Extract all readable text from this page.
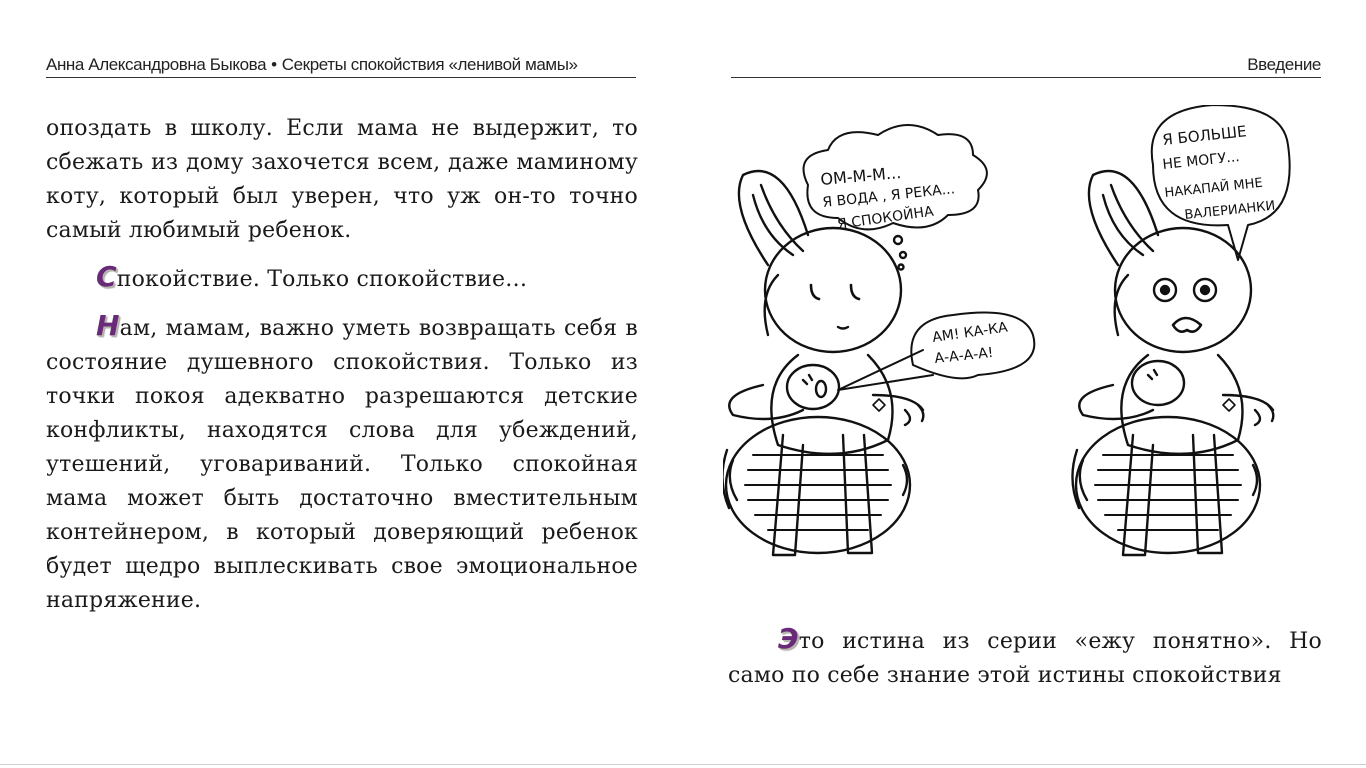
Анна Александровна Быкова • Секреты спокойствия «ленивой мамы»

опоздать в школу. Если мама не выдержит, то сбежать из дому захочется всем, даже маминому коту, который был уверен, что уж он-то точно самый любимый ребенок.

Спокойствие. Только спокойствие…

Нам, мамам, важно уметь возвращать себя в состояние душевного спокойствия. Только из точки покоя адекватно разрешаются детские конфликты, находятся слова для убеждений, утешений, уговариваний. Только спокойная мама может быть достаточно вместительным контейнером, в который доверяющий ребенок будет щедро выплескивать свое эмоциональное напряжение.

Введение
ОМ-М-М...
Я ВОДА , Я РЕКА...
Я СПОКОЙНА
АМ! КА-КА
А-А-А-А!
Я БОЛЬШЕ
НЕ МОГУ...
НАКАПАЙ МНЕ
ВАЛЕРИАНКИ

Это истина из серии «ежу понятно». Но само по себе знание этой истины спокойствия
